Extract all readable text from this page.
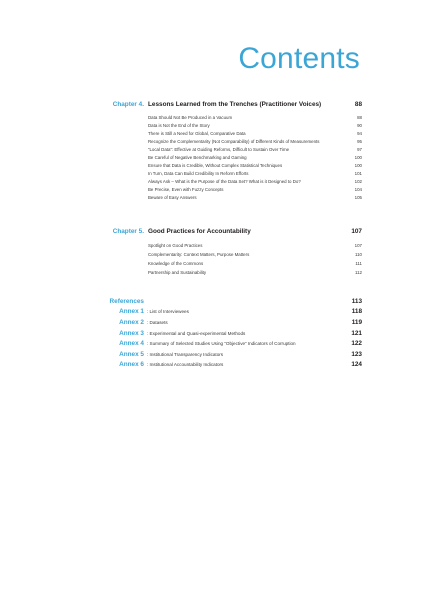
Contents
Chapter 4. Lessons Learned from the Trenches (Practitioner Voices)	88
Data Should Not Be Produced in a Vacuum	88
Data is Not the End of the Story	90
There is Still a Need for Global, Comparative Data	94
Recognize the Complementarity (Not Comparability) of Different Kinds of Measurements	95
“Local Data”: Effective at Guiding Reforms, Difficult to Sustain Over Time	97
Be Careful of Negative Benchmarking and Gaming	100
Ensure that Data is Credible, Without Complex Statistical Techniques	100
In Turn, Data Can Build Credibility In Reform Efforts	101
Always Ask – What is the Purpose of the Data Set? What is it Designed to Do?	102
Be Precise, Even with Fuzzy Concepts	104
Beware of Easy Answers	105
Chapter 5. Good Practices for Accountability	107
Spotlight on Good Practices	107
Complementarity: Context Matters, Purpose Matters	110
Knowledge of the Commons	111
Partnership and Sustainability	112
References	113
Annex 1 : List of Interviewees	118
Annex 2 : Datasets	119
Annex 3 : Experimental and Quasi-experimental Methods	121
Annex 4 : Summary of Selected Studies Using “Objective” Indicators of Corruption	122
Annex 5 : Institutional Transparency Indicators	123
Annex 6 : Institutional Accountability Indicators	124
